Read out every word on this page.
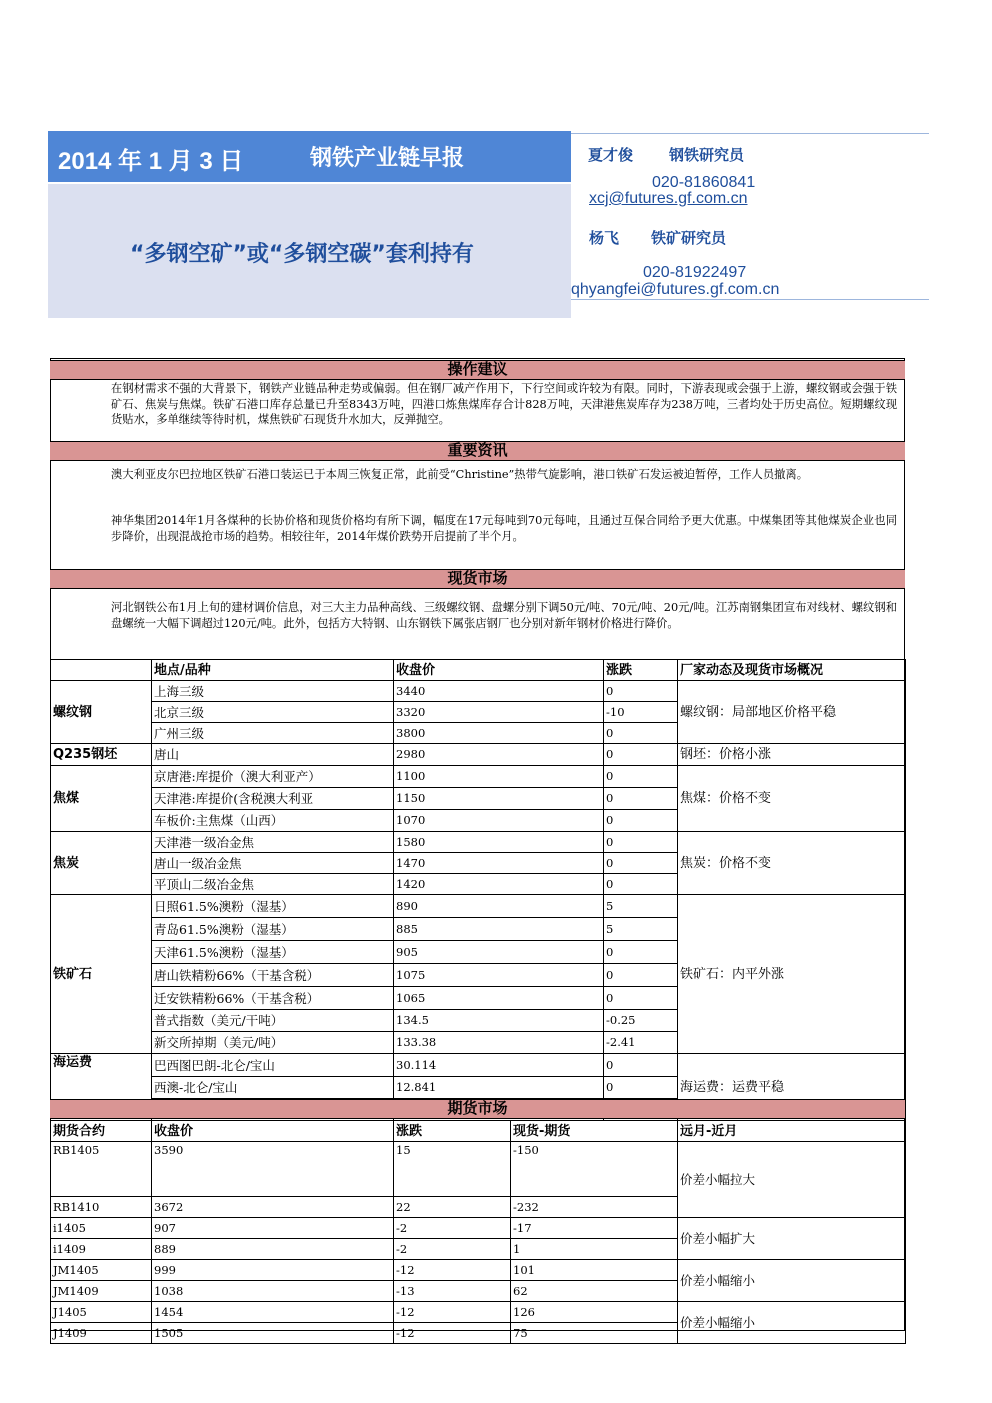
2014 年 1 月 3 日	钢铁产业链早报
“多钢空矿”或“多钢空碳”套利持有
夏才俊 钢铁研究员
020-81860841
xcj@futures.gf.com.cn
杨飞 铁矿研究员
020-81922497
qhyangfei@futures.gf.com.cn
操作建议
在钢材需求不强的大背景下，钢铁产业链品种走势或偏弱。但在钢厂减产作用下，下行空间或许较为有限。同时，下游表现或会强于上游，螺纹钢或会强于铁矿石、焦炭与焦煤。铁矿石港口库存总量已升至8343万吨，四港口炼焦煤库存合计828万吨，天津港焦炭库存为238万吨，三者均处于历史高位。短期螺纹现货贴水，多单继续等待时机，煤焦铁矿石现货升水加大，反弹抛空。
重要资讯
澳大利亚皮尔巴拉地区铁矿石港口装运已于本周三恢复正常，此前受“Christine”热带气旋影响，港口铁矿石发运被迫暂停，工作人员撤离。
神华集团2014年1月各煤种的长协价格和现货价格均有所下调，幅度在17元每吨到70元每吨，且通过互保合同给予更大优惠。中煤集团等其他煤炭企业也同步降价，出现混战抢市场的趋势。相较往年，2014年煤价跌势开启提前了半个月。
现货市场
河北钢铁公布1月上旬的建材调价信息，对三大主力品种高线、三级螺纹钢、盘螺分别下调50元/吨、70元/吨、20元/吨。江苏南钢集团宣布对线材、螺纹钢和盘螺统一大幅下调超过120元/吨。此外，包括方大特钢、山东钢铁下属张店钢厂也分别对新年钢材价格进行降价。
	地点/品种	收盘价	涨跌	厂家动态及现货市场概况
螺纹钢	上海三级	3440	0	螺纹钢：局部地区价格平稳
	北京三级	3320	-10	
	广州三级	3800	0	
Q235钢坯	唐山	2980	0	钢坯：价格小涨
焦煤	京唐港:库提价（澳大利亚产）	1100	0	焦煤：价格不变
	天津港:库提价(含税澳大利亚	1150	0	
	车板价:主焦煤（山西）	1070	0	
焦炭	天津港一级冶金焦	1580	0	焦炭：价格不变
	唐山一级冶金焦	1470	0	
	平顶山二级冶金焦	1420	0	
铁矿石	日照61.5%澳粉（湿基）	890	5	铁矿石：内平外涨
	青岛61.5%澳粉（湿基）	885	5	
	天津61.5%澳粉（湿基）	905	0	
	唐山铁精粉66%（干基含税）	1075	0	
	迁安铁精粉66%（干基含税）	1065	0	
	普式指数（美元/干吨）	134.5	-0.25	
	新交所掉期（美元/吨）	133.38	-2.41	
海运费	巴西图巴朗-北仑/宝山	30.114	0	海运费：运费平稳
	西澳-北仑/宝山	12.841	0	

期货市场
期货合约	收盘价	涨跌	现货-期货	远月-近月
RB1405	3590	15	-150	价差小幅拉大
RB1410	3672	22	-232	
i1405	907	-2	-17	价差小幅扩大
i1409	889	-2	1	
JM1405	999	-12	101	价差小幅缩小
JM1409	1038	-13	62	
J1405	1454	-12	126	价差小幅缩小
J1409	1505	-12	75	
